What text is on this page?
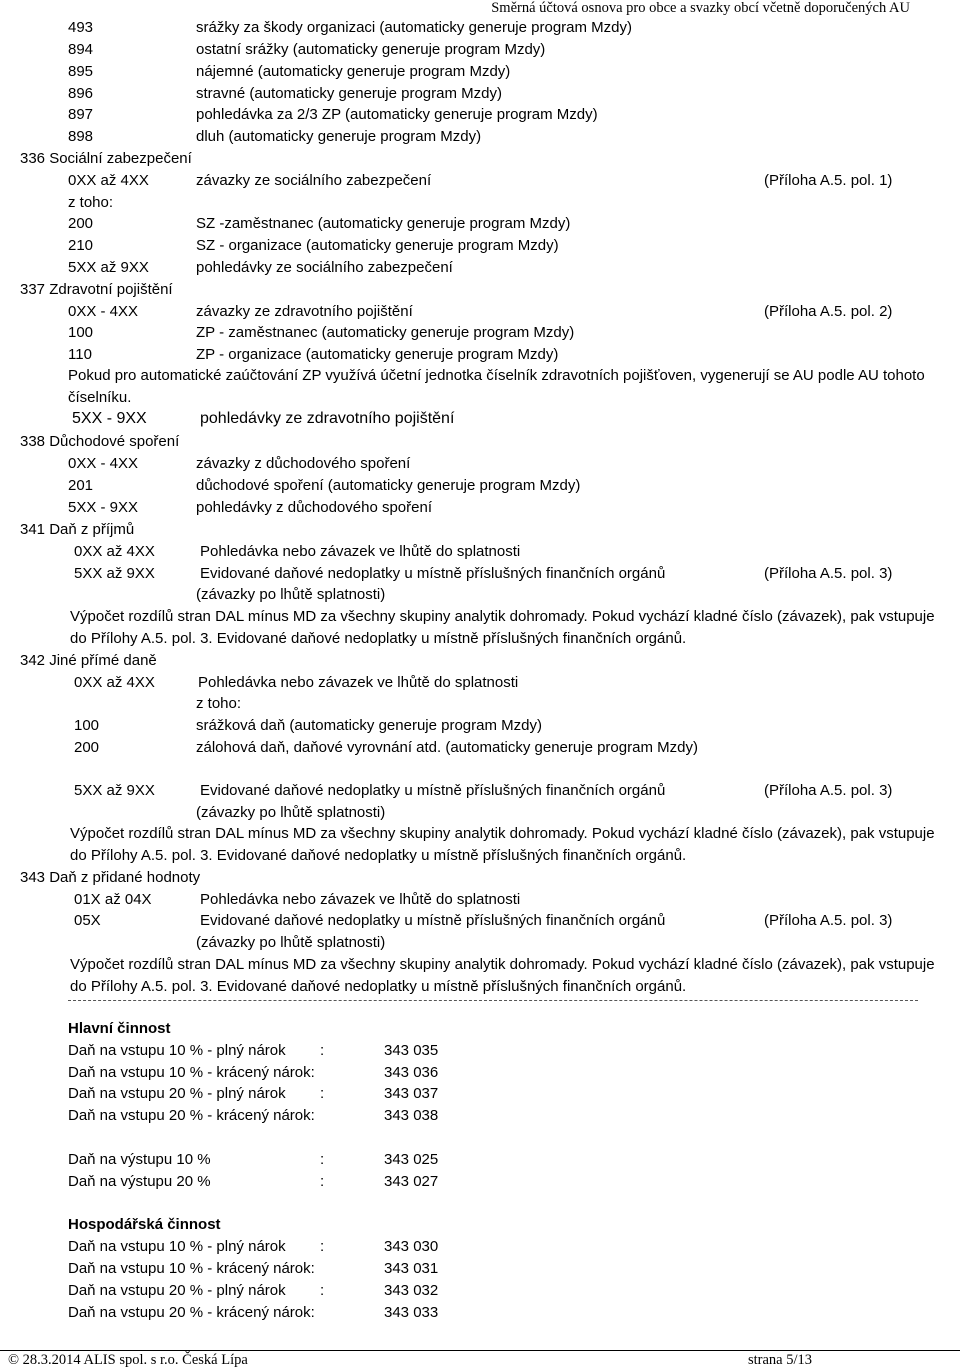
Směrná účtová osnova pro obce a svazky obcí včetně doporučených AU
493	srážky za škody organizaci (automaticky generuje program Mzdy)
894	ostatní srážky (automaticky generuje program Mzdy)
895	nájemné (automaticky generuje program Mzdy)
896	stravné (automaticky generuje program Mzdy)
897	pohledávka za 2/3 ZP (automaticky generuje program Mzdy)
898	dluh (automaticky generuje program Mzdy)
336 Sociální zabezpečení
0XX až 4XX	závazky ze sociálního zabezpečení	(Příloha A.5. pol. 1)
z toho:
200	SZ -zaměstnanec (automaticky generuje program Mzdy)
210	SZ - organizace (automaticky generuje program Mzdy)
5XX až 9XX	pohledávky ze sociálního zabezpečení
337 Zdravotní pojištění
0XX - 4XX	závazky ze zdravotního pojištění	(Příloha A.5. pol. 2)
100	ZP - zaměstnanec (automaticky generuje program Mzdy)
110	ZP - organizace (automaticky generuje program Mzdy)
Pokud pro automatické zaúčtování ZP využívá účetní jednotka číselník zdravotních pojišťoven, vygenerují se AU podle AU tohoto číselníku.
5XX - 9XX	pohledávky ze zdravotního pojištění
338 Důchodové spoření
0XX - 4XX	závazky z důchodového spoření
201	důchodové spoření (automaticky generuje program Mzdy)
5XX - 9XX	pohledávky z důchodového spoření
341 Daň z příjmů
0XX až 4XX	Pohledávka nebo závazek ve lhůtě do splatnosti
5XX až 9XX	Evidované daňové nedoplatky u místně příslušných finančních orgánů	(Příloha A.5. pol. 3)
(závazky po lhůtě splatnosti)
Výpočet rozdílů stran DAL mínus MD za všechny skupiny analytik dohromady. Pokud vychází kladné číslo (závazek), pak vstupuje do Přílohy A.5. pol. 3. Evidované daňové nedoplatky u místně příslušných finančních orgánů.
342 Jiné přímé daně
0XX až 4XX	Pohledávka nebo závazek ve lhůtě do splatnosti
z toho:
100	srážková daň (automaticky generuje program Mzdy)
200	zálohová daň, daňové vyrovnání atd. (automaticky generuje program Mzdy)
5XX až 9XX	Evidované daňové nedoplatky u místně příslušných finančních orgánů	(Příloha A.5. pol. 3)
(závazky po lhůtě splatnosti)
Výpočet rozdílů stran DAL mínus MD za všechny skupiny analytik dohromady. Pokud vychází kladné číslo (závazek), pak vstupuje do Přílohy A.5. pol. 3. Evidované daňové nedoplatky u místně příslušných finančních orgánů.
343 Daň z přidané hodnoty
01X až 04X	Pohledávka nebo závazek ve lhůtě do splatnosti
05X	Evidované daňové nedoplatky u místně příslušných finančních orgánů	(Příloha A.5. pol. 3)
(závazky po lhůtě splatnosti)
Výpočet rozdílů stran DAL mínus MD za všechny skupiny analytik dohromady. Pokud vychází kladné číslo (závazek), pak vstupuje do Přílohy A.5. pol. 3. Evidované daňové nedoplatky u místně příslušných finančních orgánů.
Hlavní činnost
Daň na vstupu 10 % - plný nárok :	343 035
Daň na vstupu 10 % - krácený nárok:	343 036
Daň na vstupu 20 % - plný nárok :	343 037
Daň na vstupu 20 % - krácený nárok:	343 038
Daň na výstupu 10 %	:	343 025
Daň na výstupu 20 %	:	343 027
Hospodářská činnost
Daň na vstupu 10 % - plný nárok :	343 030
Daň na vstupu 10 % - krácený nárok:	343 031
Daň na vstupu 20 % - plný nárok :	343 032
Daň na vstupu 20 % - krácený nárok:	343 033
© 28.3.2014 ALIS spol. s r.o. Česká Lípa	strana 5/13
